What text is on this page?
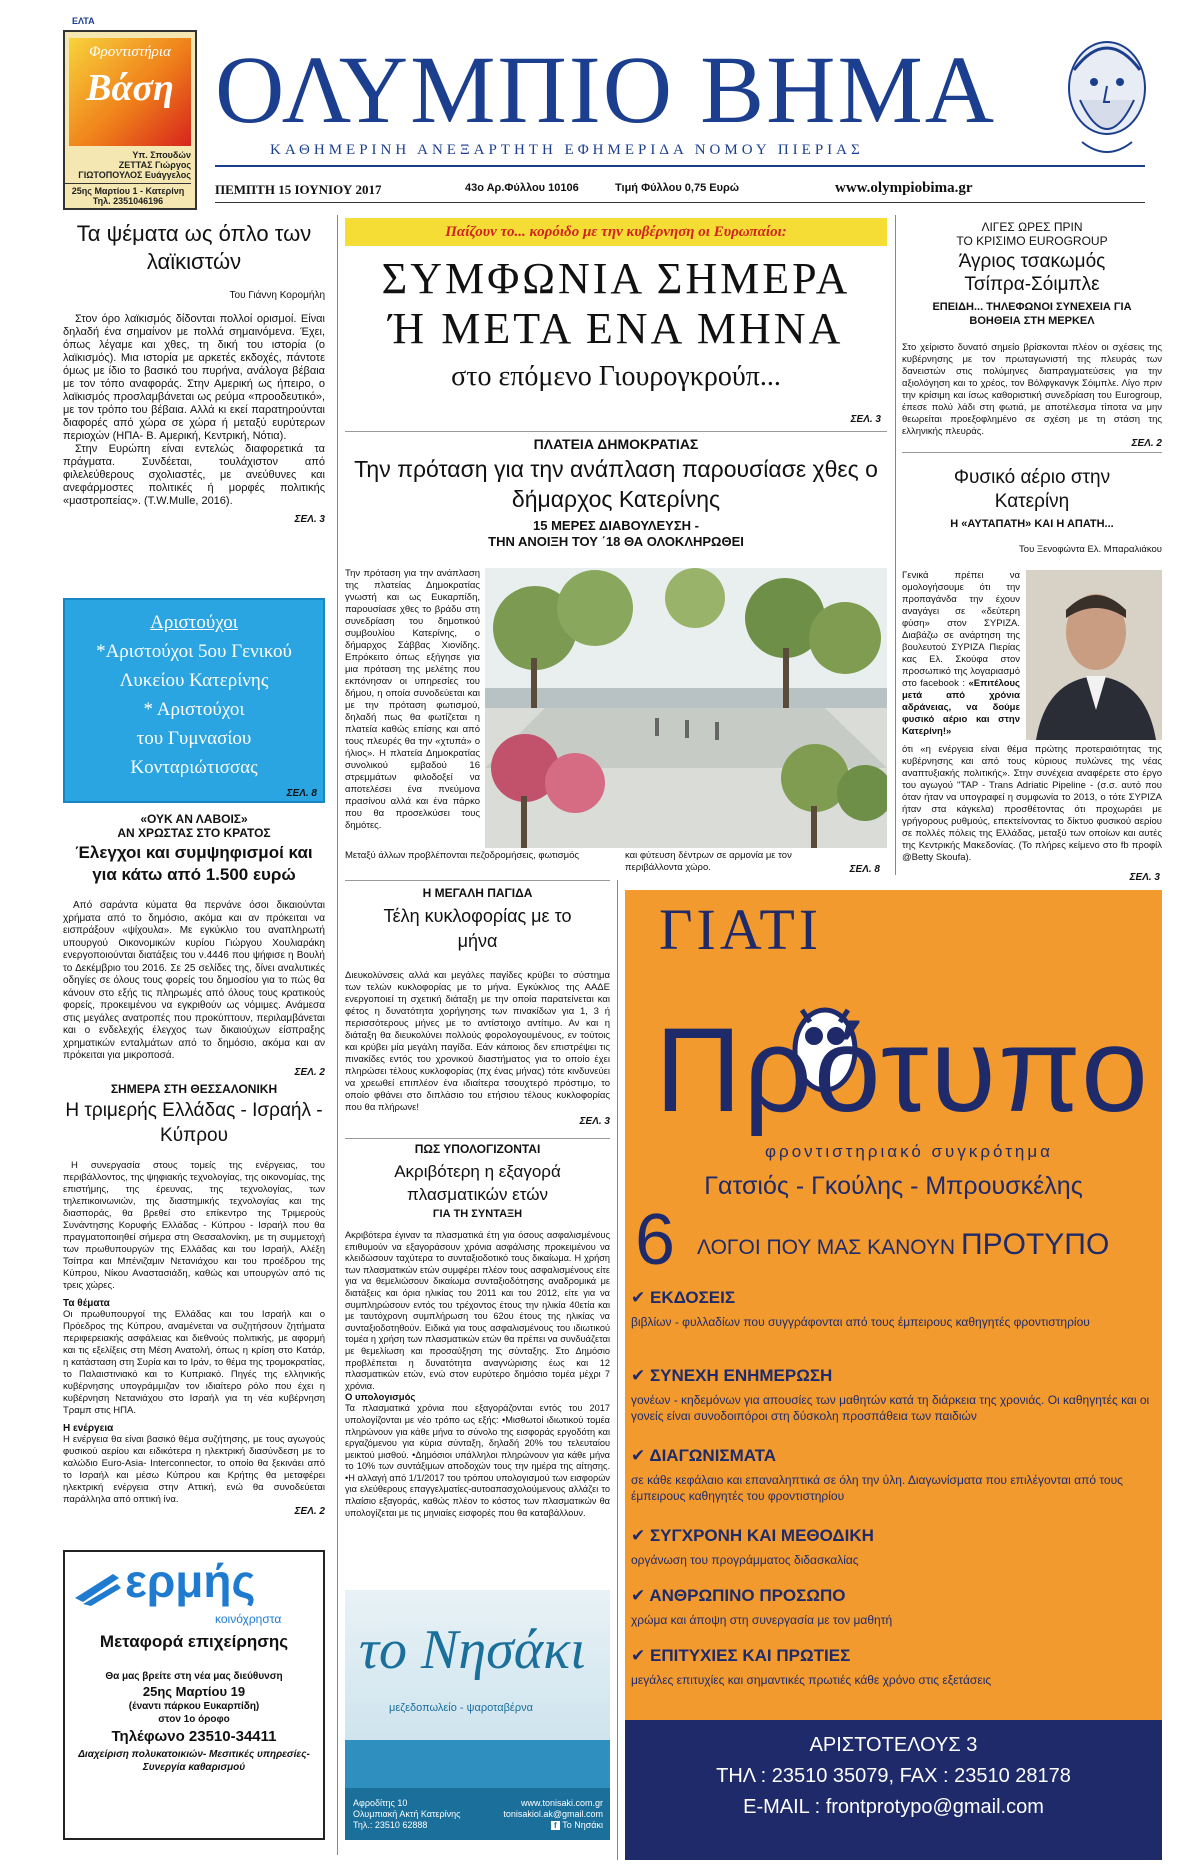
Φροντιστήρια
Βάση
Υπ. Σπουδών
ΖΕΤΤΑΣ Γιώργος
ΓΙΩΤΟΠΟΥΛΟΣ Ευάγγελος
25ης Μαρτίου 1 - Κατερίνη
Τηλ. 2351046196
ΕΛΤΑ
ΟΛΥΜΠΙΟ ΒΗΜΑ
ΚΑΘΗΜΕΡΙΝΗ ΑΝΕΞΑΡΤΗΤΗ ΕΦΗΜΕΡΙΔΑ ΝΟΜΟΥ ΠΙΕΡΙΑΣ
ΠΕΜΠΤΗ 15 ΙΟΥΝΙΟΥ 2017	43ο Αρ.Φύλλου 10106	Τιμή Φύλλου 0,75 Ευρώ	www.olympiobima.gr
Τα ψέματα ως όπλο των λαϊκιστών
Του Γιάννη Κορομήλη
Στον όρο λαϊκισμός δίδονται πολλοί ορισμοί. Είναι δηλαδή ένα σημαίνον με πολλά σημαινόμενα. Έχει, όπως λέγαμε και χθες, τη δική του ιστορία (ο λαϊκισμός). Μια ιστορία με αρκετές εκδοχές, πάντοτε όμως με ίδιο το βασικό του πυρήνα, ανάλογα βέβαια με τον τόπο αναφοράς. Στην Αμερική ως ήπειρο, ο λαϊκισμός προσλαμβάνεται ως ρεύμα «προοδευτικό», με τον τρόπο του βέβαια. Αλλά κι εκεί παρατηρούνται διαφορές από χώρα σε χώρα ή μεταξύ ευρύτερων περιοχών (ΗΠΑ- Β. Αμερική, Κεντρική, Νότια).
Στην Ευρώπη είναι εντελώς διαφορετικά τα πράγματα. Συνδέεται, τουλάχιστον από φιλελεύθερους σχολιαστές, με ανεύθυνες και ανεφάρμοστες πολιτικές ή μορφές πολιτικής «μαστροπείας». (T.W.Mulle, 2016).
ΣΕΛ. 3
Αριστούχοι
*Αριστούχοι 5ου Γενικού
Λυκείου Κατερίνης
* Αριστούχοι
του Γυμνασίου
Κονταριώτισσας
ΣΕΛ. 8
«ΟΥΚ ΑΝ ΛΑΒΟΙΣ»
ΑΝ ΧΡΩΣΤΑΣ ΣΤΟ ΚΡΑΤΟΣ
Έλεγχοι και συμψηφισμοί και για κάτω από 1.500 ευρώ
Από σαράντα κύματα θα περνάνε όσοι δικαιούνται χρήματα από το δημόσιο, ακόμα και αν πρόκειται να εισπράξουν «ψίχουλα». Με εγκύκλιο του αναπληρωτή υπουργού Οικονομικών κυρίου Γιώργου Χουλιαράκη ενεργοποιούνται διατάξεις του ν.4446 που ψήφισε η Βουλή το Δεκέμβριο του 2016. Σε 25 σελίδες της, δίνει αναλυτικές οδηγίες σε όλους τους φορείς του δημοσίου για το πώς θα κάνουν στο εξής τις πληρωμές από όλους τους κρατικούς φορείς, προκειμένου να εγκριθούν ως νόμιμες. Ανάμεσα στις μεγάλες ανατροπές που προκύπτουν, περιλαμβάνεται και ο ενδελεχής έλεγχος των δικαιούχων είσπραξης χρηματικών ενταλμάτων από το δημόσιο, ακόμα και αν πρόκειται για μικροποσά.
ΣΕΛ. 2
ΣΗΜΕΡΑ ΣΤΗ ΘΕΣΣΑΛΟΝΙΚΗ
Η τριμερής Ελλάδας - Ισραήλ - Κύπρου
Η συνεργασία στους τομείς της ενέργειας, του περιβάλλοντος, της ψηφιακής τεχνολογίας, της οικονομίας, της επιστήμης, της έρευνας, της τεχνολογίας, των τηλεπικοινωνιών, της διαστημικής τεχνολογίας και της διασποράς, θα βρεθεί στο επίκεντρο της Τριμερούς Συνάντησης Κορυφής Ελλάδας - Κύπρου - Ισραήλ που θα πραγματοποιηθεί σήμερα στη Θεσσαλονίκη, με τη συμμετοχή των πρωθυπουργών της Ελλάδας και του Ισραήλ, Αλέξη Τσίπρα και Μπένιζαμιν Νετανιάχου και του προέδρου της Κύπρου, Νίκου Αναστασιάδη, καθώς και υπουργών από τις τρεις χώρες.
Τα θέματα
Οι πρωθυπουργοί της Ελλάδας και του Ισραήλ και ο Πρόεδρος της Κύπρου, αναμένεται να συζητήσουν ζητήματα περιφερειακής ασφάλειας και διεθνούς πολιτικής, με αφορμή και τις εξελίξεις στη Μέση Ανατολή, όπως η κρίση στο Κατάρ, η κατάσταση στη Συρία και το Ιράν, το θέμα της τρομοκρατίας, το Παλαιστινιακό και το Κυπριακό. Πηγές της ελληνικής κυβέρνησης υπογράμμιζαν τον ιδιαίτερο ρόλο που έχει η κυβέρνηση Νετανιάχου στο Ισραήλ για τη νέα κυβέρνηση Τραμπ στις ΗΠΑ.
Η ενέργεια
Η ενέργεια θα είναι βασικό θέμα συζήτησης, με τους αγωγούς φυσικού αερίου και ειδικότερα η ηλεκτρική διασύνδεση με το καλώδιο Euro-Asia- Interconnector, το οποίο θα ξεκινάει από το Ισραήλ και μέσω Κύπρου και Κρήτης θα μεταφέρει ηλεκτρική ενέργεια στην Αττική, ενώ θα συνοδεύεται παράλληλα από οπτική ίνα.
ΣΕΛ. 2
ερμής
κοινόχρηστα
Μεταφορά επιχείρησης
Θα μας βρείτε στη νέα μας διεύθυνση
25ης Μαρτίου 19
(έναντι πάρκου Ευκαρπίδη)
στον 1ο όροφο
Τηλέφωνο 23510-34411
Διαχείριση πολυκατοικιών- Μεσιτικές υπηρεσίες-
Συνεργία καθαρισμού
Παίζουν το... κορόιδο με την κυβέρνηση οι Ευρωπαίοι:
ΣΥΜΦΩΝΙΑ ΣΗΜΕΡΑ
Ή ΜΕΤΑ ΕΝΑ ΜΗΝΑ
στο επόμενο Γιουρογκρούπ...
ΣΕΛ. 3
ΠΛΑΤΕΙΑ ΔΗΜΟΚΡΑΤΙΑΣ
Την πρόταση για την ανάπλαση παρουσίασε χθες ο δήμαρχος Κατερίνης
15 ΜΕΡΕΣ ΔΙΑΒΟΥΛΕΥΣΗ -
ΤΗΝ ΑΝΟΙΞΗ ΤΟΥ ΄18 ΘΑ ΟΛΟΚΛΗΡΩΘΕΙ
Την πρόταση για την ανάπλαση της πλατείας Δημοκρατίας γνωστή και ως Ευκαρπίδη, παρουσίασε χθες το βράδυ στη συνεδρίαση του δημοτικού συμβουλίου Κατερίνης, ο δήμαρχος Σάββας Χιονίδης. Επρόκειτο όπως εξήγησε για μια πρόταση της μελέτης που εκπόνησαν οι υπηρεσίες του δήμου, η οποία συνοδεύεται και με την πρόταση φωτισμού, δηλαδή πως θα φωτίζεται η πλατεία καθώς επίσης και από τους πλευρές θα την «χτυπά» ο ήλιος». Η πλατεία Δημοκρατίας συνολικού εμβαδού 16 στρεμμάτων φιλοδοξεί να αποτελέσει ένα πνεύμονα πρασίνου αλλά και ένα πάρκο που θα προσελκύσει τους δημότες.
Μεταξύ άλλων προβλέπονται πεζοδρομήσεις, φωτισμός	και φύτευση δέντρων σε αρμονία με τον περιβάλλοντα χώρο.	ΣΕΛ. 8
Η ΜΕΓΑΛΗ ΠΑΓΙΔΑ
Τέλη κυκλοφορίας με το μήνα
Διευκολύνσεις αλλά και μεγάλες παγίδες κρύβει το σύστημα των τελών κυκλοφορίας με το μήνα. Εγκύκλιος της ΑΑΔΕ ενεργοποιεί τη σχετική διάταξη με την οποία παρατείνεται και φέτος η δυνατότητα χορήγησης των πινακίδων για 1, 3 ή περισσότερους μήνες με το αντίστοιχο αντίτιμο. Αν και η διάταξη θα διευκολύνει πολλούς φορολογουμένους, εν τούτοις και κρύβει μία μεγάλη παγίδα. Εάν κάποιος δεν επιστρέψει τις πινακίδες εντός του χρονικού διαστήματος για το οποίο έχει πληρώσει τέλους κυκλοφορίας (πχ ένας μήνας) τότε κινδυνεύει να χρεωθεί επιπλέον ένα ιδιαίτερα τσουχτερό πρόστιμο, το οποίο φθάνει στο διπλάσιο του ετήσιου τέλους κυκλοφορίας που θα πλήρωνε!
ΣΕΛ. 3
ΠΩΣ ΥΠΟΛΟΓΙΖΟΝΤΑΙ
Ακριβότερη η εξαγορά πλασματικών ετών
ΓΙΑ ΤΗ ΣΥΝΤΑΞΗ
Ακριβότερα έγιναν τα πλασματικά έτη για όσους ασφαλισμένους επιθυμούν να εξαγοράσουν χρόνια ασφάλισης προκειμένου να κλειδώσουν ταχύτερα το συνταξιοδοτικό τους δικαίωμα. Η χρήση των πλασματικών ετών συμφέρει πλέον τους ασφαλισμένους είτε για να θεμελιώσουν δικαίωμα συνταξιοδότησης αναδρομικά με διατάξεις και όρια ηλικίας του 2011 και του 2012, είτε για να συμπληρώσουν εντός του τρέχοντος έτους την ηλικία 40ετία και με ταυτόχρονη συμπλήρωση του 62ου έτους της ηλικίας να συνταξιοδοτηθούν. Ειδικά για τους ασφαλισμένους του ιδιωτικού τομέα η χρήση των πλασματικών ετών θα πρέπει να συνδυάζεται με θεμελίωση και προσαύξηση της σύνταξης. Στο Δημόσιο προβλέπεται η δυνατότητα αναγνώρισης έως και 12 πλασματικών ετών, ενώ στον ευρύτερο δημόσιο τομέα μέχρι 7 χρόνια.
Ο υπολογισμός
Τα πλασματικά χρόνια που εξαγοράζονται εντός του 2017 υπολογίζονται με νέο τρόπο ως εξής: •Μισθωτοί ιδιωτικού τομέα πληρώνουν για κάθε μήνα το σύνολο της εισφοράς εργοδότη και εργαζόμενου για κύρια σύνταξη, δηλαδή 20% του τελευταίου μεικτού μισθού. •Δημόσιοι υπάλληλοι πληρώνουν για κάθε μήνα το 10% των συντάξιμων αποδοχών τους την ημέρα της αίτησης. •Η αλλαγή από 1/1/2017 του τρόπου υπολογισμού των εισφορών για ελεύθερους επαγγελματίες-αυτοαπασχολούμενους αλλάζει το πλαίσιο εξαγοράς, καθώς πλέον το κόστος των πλασματικών θα υπολογίζεται με τις μηνιαίες εισφορές που θα καταβάλλουν.
το Νησάκι
μεζεδοπωλείο - ψαροταβέρνα
Αφροδίτης 10
Ολυμπιακή Ακτή Κατερίνης
Τηλ.: 23510 62888
www.tonisaki.com.gr
tonisakiol.ak@gmail.com
f Το Νησάκι
ΛΙΓΕΣ ΩΡΕΣ ΠΡΙΝ
ΤΟ ΚΡΙΣΙΜΟ EUROGROUP
Άγριος τσακωμός Τσίπρα-Σόιμπλε
ΕΠΕΙΔΗ... ΤΗΛΕΦΩΝΟΙ ΣΥΝΕΧΕΙΑ ΓΙΑ ΒΟΗΘΕΙΑ ΣΤΗ ΜΕΡΚΕΛ
Στο χείριστο δυνατό σημείο βρίσκονται πλέον οι σχέσεις της κυβέρνησης με τον πρωταγωνιστή της πλευράς των δανειστών στις πολύμηνες διαπραγματεύσεις για την αξιολόγηση και το χρέος, τον Βόλφγκανγκ Σόιμπλε. Λίγο πριν την κρίσιμη και ίσως καθοριστική συνεδρίαση του Eurogroup, έπεσε πολύ λάδι στη φωτιά, με αποτέλεσμα τίποτα να μην θεωρείται προεξοφλημένο σε σχέση με τη στάση της ελληνικής πλευράς.
ΣΕΛ. 2
Φυσικό αέριο στην Κατερίνη
Η «ΑΥΤΑΠΑΤΗ» ΚΑΙ Η ΑΠΑΤΗ...
Του Ξενοφώντα Ελ. Μπαραλιάκου
Γενικά πρέπει να ομολογήσουμε ότι την προπαγάνδα την έχουν αναγάγει σε «δεύτερη φύση» στον ΣΥΡΙΖΑ. Διαβάζω σε ανάρτηση της βουλευτού ΣΥΡΙΖΑ Πιερίας κας Ελ. Σκούφα στον προσωπικό της λογαριασμό στο facebook : «Επιτέλους μετά από χρόνια αδράνειας, να δούμε φυσικό αέριο και στην Κατερίνη!»
ότι «η ενέργεια είναι θέμα πρώτης προτεραιότητας της κυβέρνησης και από τους κύριους πυλώνες της νέας αναπτυξιακής πολιτικής». Στην συνέχεια αναφέρετε στο έργο του αγωγού "TAP - Trans Adriatic Pipeline - (σ.σ. αυτό που όταν ήταν να υπογραφεί η συμφωνία το 2013, ο τότε ΣΥΡΙΖΑ ήταν στα κάγκελα) προσθέτοντας ότι προχωράει με γρήγορους ρυθμούς, επεκτείνοντας το δίκτυο φυσικού αερίου σε πολλές πόλεις της Ελλάδας, μεταξύ των οποίων και αυτές της Κεντρικής Μακεδονίας. (Το πλήρες κείμενο στο fb προφίλ @Betty Skoufa).
ΣΕΛ. 3
ΓΙΑΤΙ
Πρότυπο
φροντιστηριακό συγκρότημα
Γατσιός - Γκούλης - Μπρουσκέλης
6 ΛΟΓΟΙ ΠΟΥ ΜΑΣ ΚΑΝΟΥΝ ΠΡΟΤΥΠΟ
✔ ΕΚΔΟΣΕΙΣ
βιβλίων - φυλλαδίων που συγγράφονται από τους έμπειρους καθηγητές φροντιστηρίου
✔ ΣΥΝΕΧΗ ΕΝΗΜΕΡΩΣΗ
γονέων - κηδεμόνων για απουσίες των μαθητών κατά τη διάρκεια της χρονιάς. Οι καθηγητές και οι γονείς είναι συνοδοιπόροι στη δύσκολη προσπάθεια των παιδιών
✔ ΔΙΑΓΩΝΙΣΜΑΤΑ
σε κάθε κεφάλαιο και επαναληπτικά σε όλη την ύλη. Διαγωνίσματα που επιλέγονται από τους έμπειρους καθηγητές του φροντιστηρίου
✔ ΣΥΓΧΡΟΝΗ ΚΑΙ ΜΕΘΟΔΙΚΗ
οργάνωση του προγράμματος διδασκαλίας
✔ ΑΝΘΡΩΠΙΝΟ ΠΡΟΣΩΠΟ
χρώμα και άποψη στη συνεργασία με τον μαθητή
✔ ΕΠΙΤΥΧΙΕΣ ΚΑΙ ΠΡΩΤΙΕΣ
μεγάλες επιτυχίες και σημαντικές πρωτιές κάθε χρόνο στις εξετάσεις
ΑΡΙΣΤΟΤΕΛΟΥΣ 3
ΤΗΛ : 23510 35079, FAX : 23510 28178
E-MAIL : frontprotypo@gmail.com
